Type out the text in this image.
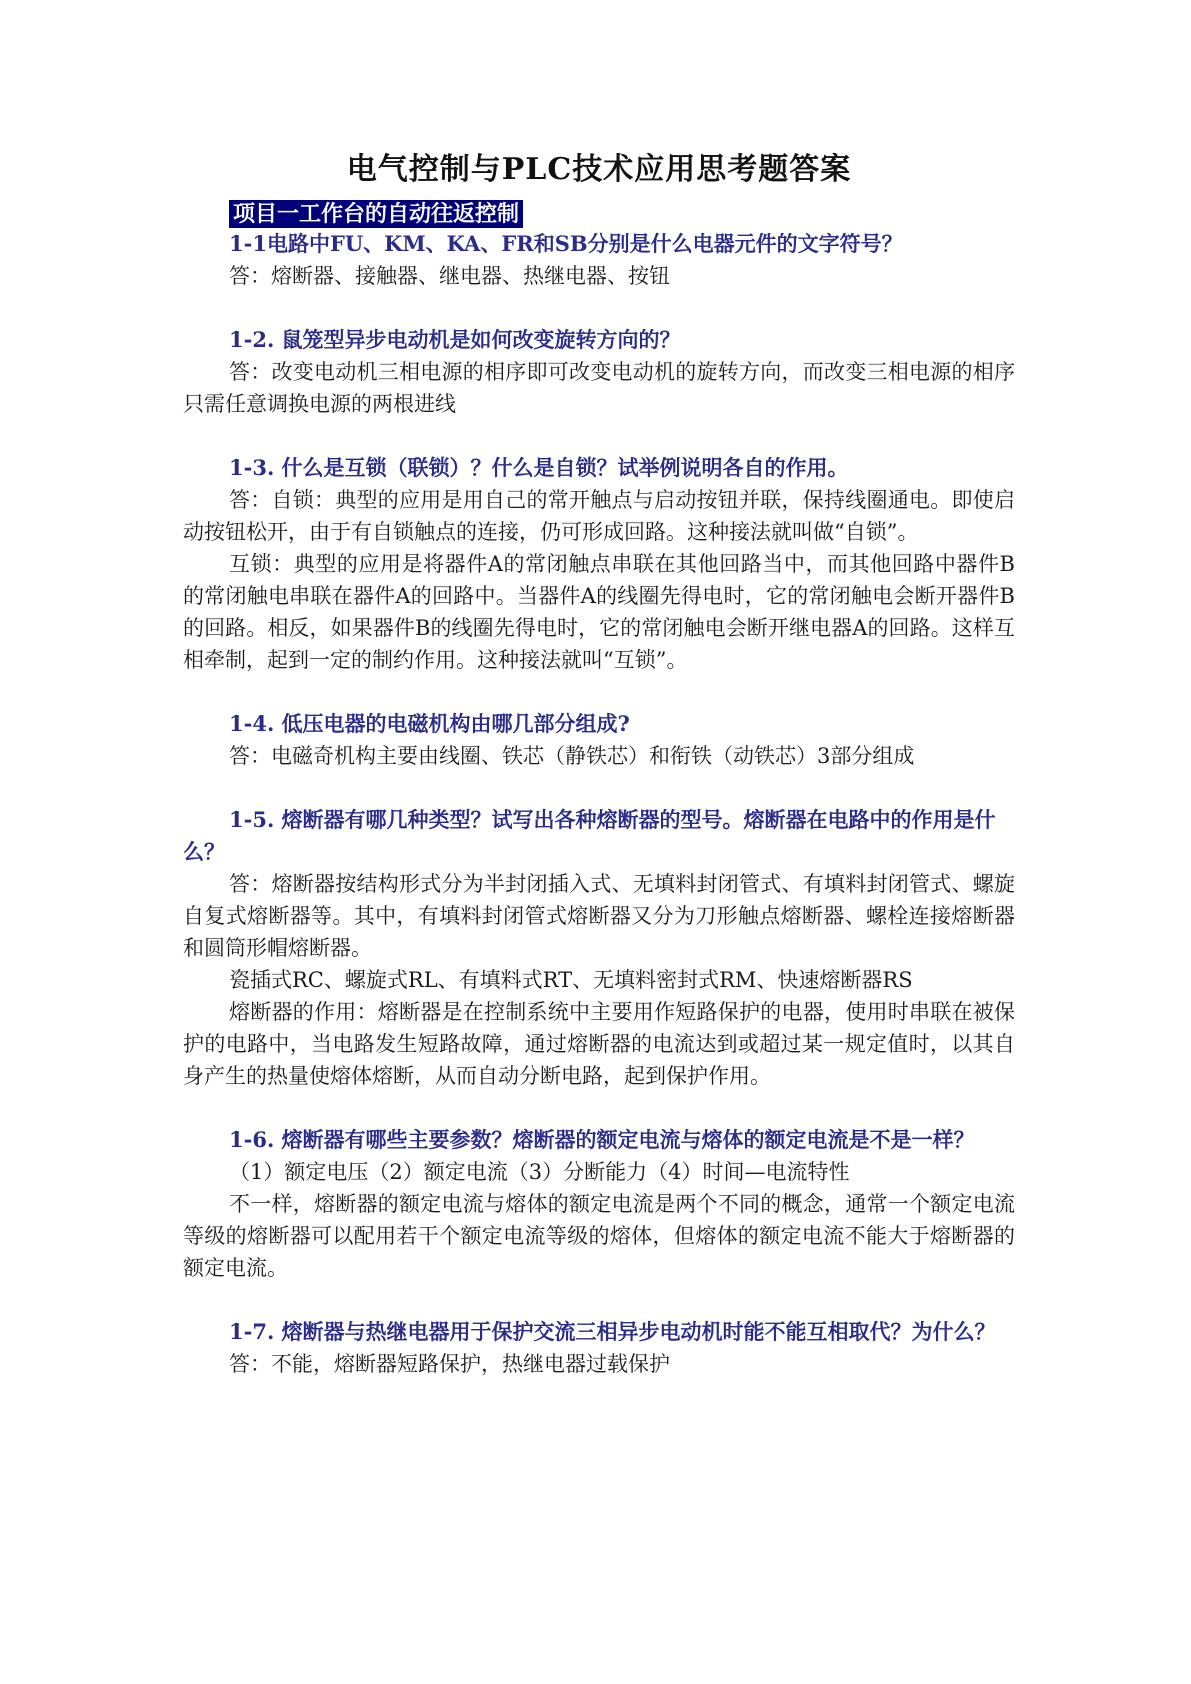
电气控制与PLC技术应用思考题答案
项目一工作台的自动往返控制

1-1电路中FU、KM、KA、FR和SB分别是什么电器元件的文字符号？

答：熔断器、接触器、继电器、热继电器、按钮

1-2. 鼠笼型异步电动机是如何改变旋转方向的？

答：改变电动机三相电源的相序即可改变电动机的旋转方向，而改变三相电源的相序只需任意调换电源的两根进线

1-3. 什么是互锁（联锁）？什么是自锁？试举例说明各自的作用。

答：自锁：典型的应用是用自己的常开触点与启动按钮并联，保持线圈通电。即使启动按钮松开，由于有自锁触点的连接，仍可形成回路。这种接法就叫做“自锁”。

互锁：典型的应用是将器件A的常闭触点串联在其他回路当中，而其他回路中器件B的常闭触电串联在器件A的回路中。当器件A的线圈先得电时，它的常闭触电会断开器件B的回路。相反，如果器件B的线圈先得电时，它的常闭触电会断开继电器A的回路。这样互相牵制，起到一定的制约作用。这种接法就叫“互锁”。

1-4. 低压电器的电磁机构由哪几部分组成?

答：电磁奇机构主要由线圈、铁芯（静铁芯）和衔铁（动铁芯）3部分组成

1-5. 熔断器有哪几种类型？试写出各种熔断器的型号。熔断器在电路中的作用是什么？

答：熔断器按结构形式分为半封闭插入式、无填料封闭管式、有填料封闭管式、螺旋自复式熔断器等。其中，有填料封闭管式熔断器又分为刀形触点熔断器、螺栓连接熔断器和圆筒形帽熔断器。

瓷插式RC、螺旋式RL、有填料式RT、无填料密封式RM、快速熔断器RS

熔断器的作用：熔断器是在控制系统中主要用作短路保护的电器，使用时串联在被保护的电路中，当电路发生短路故障，通过熔断器的电流达到或超过某一规定值时，以其自身产生的热量使熔体熔断，从而自动分断电路，起到保护作用。

1-6. 熔断器有哪些主要参数？熔断器的额定电流与熔体的额定电流是不是一样？

（1）额定电压（2）额定电流（3）分断能力（4）时间—电流特性

不一样，熔断器的额定电流与熔体的额定电流是两个不同的概念，通常一个额定电流等级的熔断器可以配用若干个额定电流等级的熔体，但熔体的额定电流不能大于熔断器的额定电流。

1-7. 熔断器与热继电器用于保护交流三相异步电动机时能不能互相取代？为什么？

答：不能，熔断器短路保护，热继电器过载保护
